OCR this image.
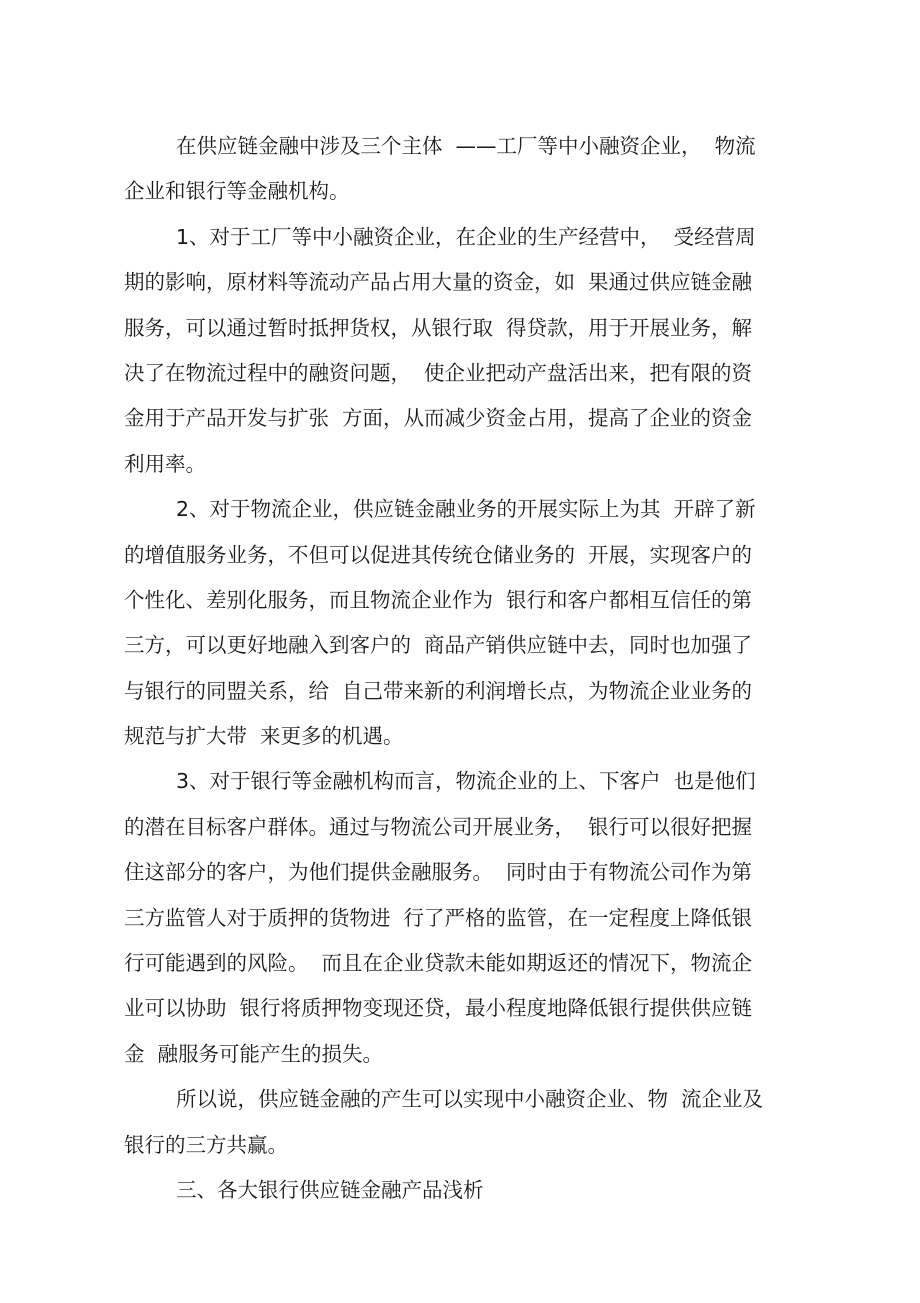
在供应链金融中涉及三个主体  ——工厂等中小融资企业，  物流
企业和银行等金融机构。
1、对于工厂等中小融资企业，在企业的生产经营中，  受经营周
期的影响，原材料等流动产品占用大量的资金，如  果通过供应链金融
服务，可以通过暂时抵押货权，从银行取  得贷款，用于开展业务，解
决了在物流过程中的融资问题，  使企业把动产盘活出来，把有限的资
金用于产品开发与扩张  方面，从而减少资金占用，提高了企业的资金
利用率。
2、对于物流企业，供应链金融业务的开展实际上为其  开辟了新
的增值服务业务，不但可以促进其传统仓储业务的  开展，实现客户的
个性化、差别化服务，而且物流企业作为  银行和客户都相互信任的第
三方，可以更好地融入到客户的  商品产销供应链中去，同时也加强了
与银行的同盟关系，给  自己带来新的利润增长点，为物流企业业务的
规范与扩大带  来更多的机遇。
3、对于银行等金融机构而言，物流企业的上、下客户  也是他们
的潜在目标客户群体。通过与物流公司开展业务，  银行可以很好把握
住这部分的客户，为他们提供金融服务。  同时由于有物流公司作为第
三方监管人对于质押的货物进  行了严格的监管，在一定程度上降低银
行可能遇到的风险。  而且在企业贷款未能如期返还的情况下，物流企
业可以协助  银行将质押物变现还贷，最小程度地降低银行提供供应链
金  融服务可能产生的损失。
所以说，供应链金融的产生可以实现中小融资企业、物  流企业及
银行的三方共赢。
三、各大银行供应链金融产品浅析
